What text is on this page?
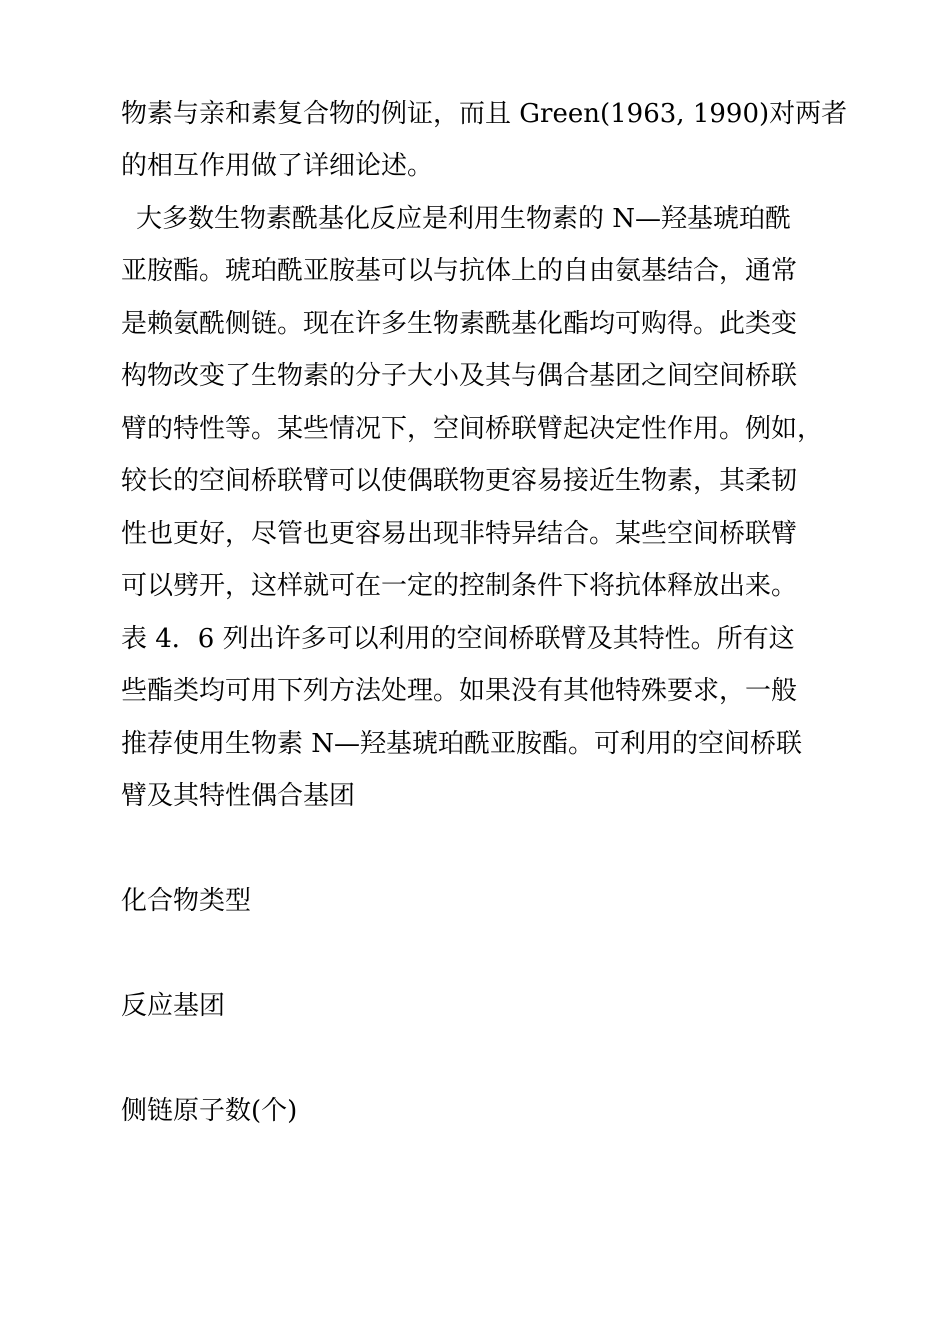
物素与亲和素复合物的例证，而且 Green(1963, 1990)对两者
的相互作用做了详细论述。
大多数生物素酰基化反应是利用生物素的 N—羟基琥珀酰
亚胺酯。琥珀酰亚胺基可以与抗体上的自由氨基结合，通常
是赖氨酰侧链。现在许多生物素酰基化酯均可购得。此类变
构物改变了生物素的分子大小及其与偶合基团之间空间桥联
臂的特性等。某些情况下，空间桥联臂起决定性作用。例如，
较长的空间桥联臂可以使偶联物更容易接近生物素，其柔韧
性也更好，尽管也更容易出现非特异结合。某些空间桥联臂
可以劈开，这样就可在一定的控制条件下将抗体释放出来。
表 4．6 列出许多可以利用的空间桥联臂及其特性。所有这
些酯类均可用下列方法处理。如果没有其他特殊要求，一般
推荐使用生物素 N—羟基琥珀酰亚胺酯。可利用的空间桥联
臂及其特性偶合基团
化合物类型
反应基团
侧链原子数(个)
